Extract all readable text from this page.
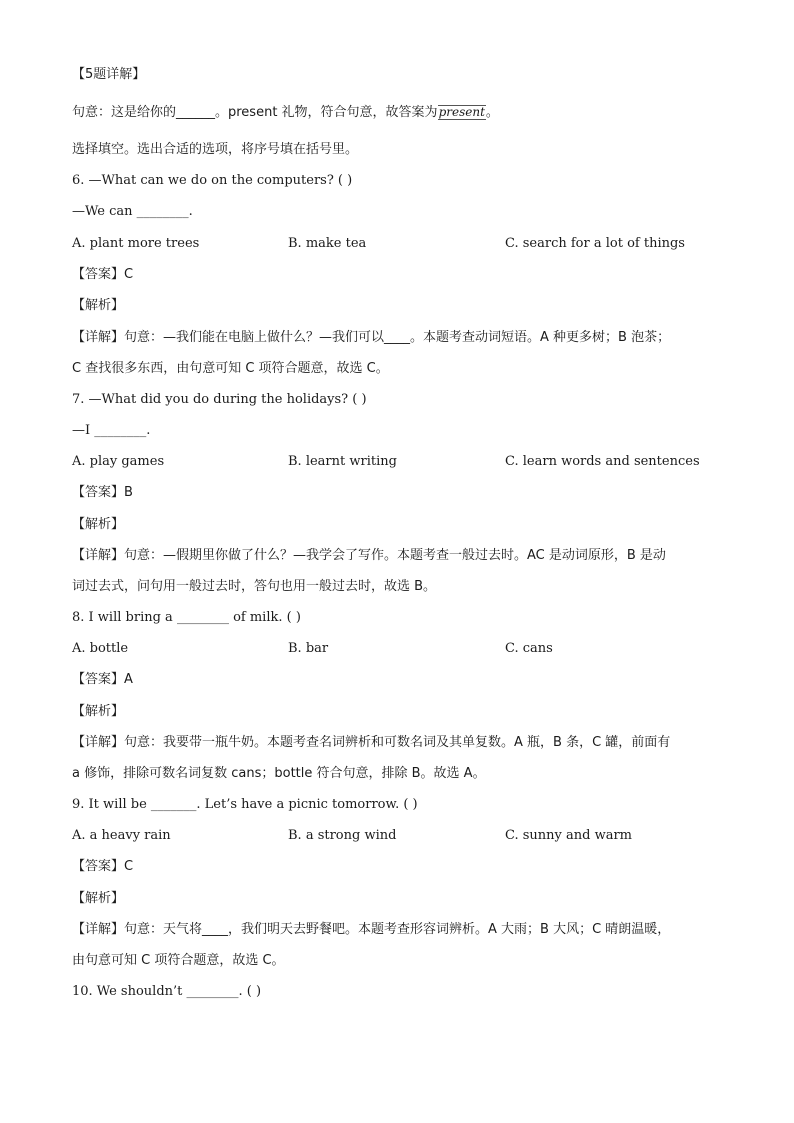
【5题详解】
句意：这是给你的______。present 礼物，符合句意，故答案为present。
选择填空。选出合适的选项，将序号填在括号里。
6. —What can we do on the computers? ( )
—We can ________.
A. plant more trees	B. make tea	C. search for a lot of things
【答案】C
【解析】
【详解】句意：—我们能在电脑上做什么？—我们可以____。本题考查动词短语。A 种更多树；B 泡茶；
C 查找很多东西，由句意可知 C 项符合题意，故选 C。
7. —What did you do during the holidays? ( )
—I ________.
A. play games	B. learnt writing	C. learn words and sentences
【答案】B
【解析】
【详解】句意：—假期里你做了什么？—我学会了写作。本题考查一般过去时。AC 是动词原形，B 是动
词过去式，问句用一般过去时，答句也用一般过去时，故选 B。
8. I will bring a ________ of milk. ( )
A. bottle	B. bar	C. cans
【答案】A
【解析】
【详解】句意：我要带一瓶牛奶。本题考查名词辨析和可数名词及其单复数。A 瓶，B 条，C 罐，前面有
a 修饰，排除可数名词复数 cans；bottle 符合句意，排除 B。故选 A。
9. It will be _______. Let’s have a picnic tomorrow. ( )
A. a heavy rain	B. a strong wind	C. sunny and warm
【答案】C
【解析】
【详解】句意：天气将____，我们明天去野餐吧。本题考查形容词辨析。A 大雨；B 大风；C 晴朗温暖，
由句意可知 C 项符合题意，故选 C。
10. We shouldn’t ________. ( )
